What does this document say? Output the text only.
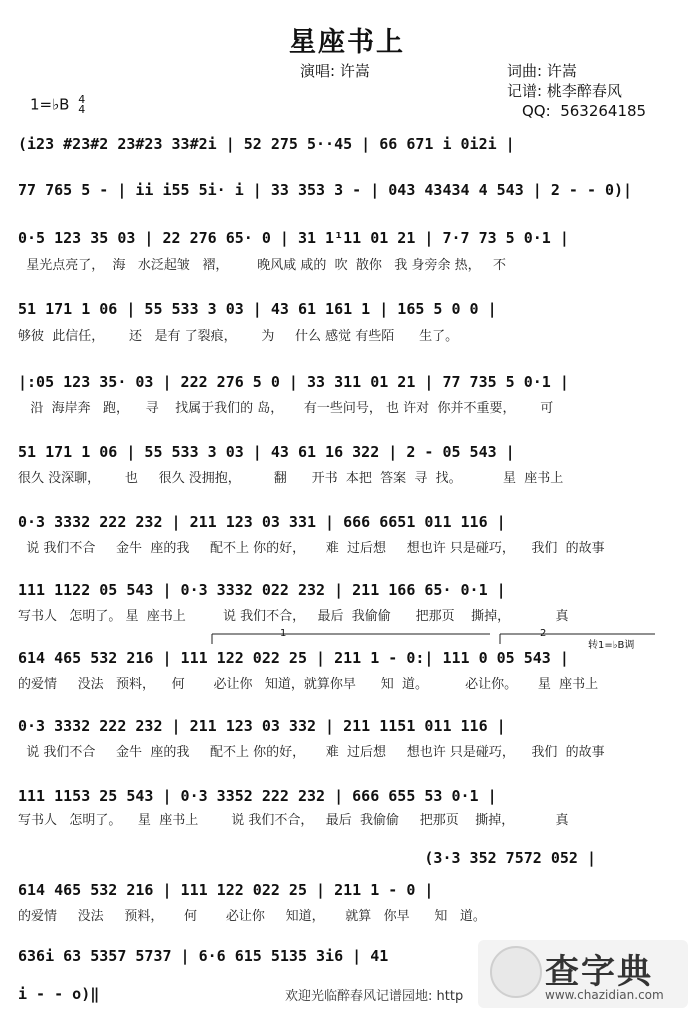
星座书上
演唱: 许嵩	词曲: 许嵩
记谱: 桃李醉春风
QQ:  563264185
1=♭B 4
4
(i23 #23#2 23#23 33#2i | 52 275 5··45 | 66 671 i 0i2i |
77 765 5 - | ii i55 5i· i | 33 353 3 - | 043 43434 4 543 | 2 - - 0)|
0·5 123 35 03 | 22 276 65· 0 | 31 1¹11 01 21 | 7·7 73 5 0·1 |
星光点亮了，  海   水泛起皱   褶，       晚风咸 咸的  吹  散你   我 身旁余 热，   不
51 171 1 06 | 55 533 3 03 | 43 61 161 1 | 165 5 0 0 |
够彼  此信任，      还   是有 了裂痕，      为     什么 感觉 有些陌      生了。
|:05 123 35· 03 | 222 276 5 0 | 33 311 01 21 | 77 735 5 0·1 |
沿  海岸奔   跑，    寻    找属于我们的 岛，     有一些问号， 也 许对  你并不重要，      可
51 171 1 06 | 55 533 3 03 | 43 61 16 322 | 2 - 05 543 |
很久 没深聊，      也     很久 没拥抱，        翻      开书  本把  答案  寻  找。          星  座书上
0·3 3332 222 232 | 211 123 03 331 | 666 6651 011 116 |
说 我们不合     金牛  座的我     配不上 你的好，     难  过后想     想也许 只是碰巧，    我们  的故事
111 1122 05 543 | 0·3 3332 022 232 | 211 166 65· 0·1 |
写书人   怎明了。 星  座书上         说 我们不合，   最后  我偷偷      把那页    撕掉，           真
1	2
转1=♭B调
614 465 532 216 | 111 122 022 25 | 211 1 - 0:| 111 0 05 543 |
的爱情     没法   预料，    何       必让你   知道，就算你早      知  道。         必让你。     星  座书上
0·3 3332 222 232 | 211 123 03 332 | 211 1151 011 116 |
说 我们不合     金牛  座的我     配不上 你的好，     难  过后想     想也许 只是碰巧，    我们  的故事
111 1153 25 543 | 0·3 3352 222 232 | 666 655 53 0·1 |
写书人   怎明了。    星  座书上        说 我们不合，   最后  我偷偷     把那页    撕掉，          真
(3·3 352 7572 052 |
614 465 532 216 | 111 122 022 25 | 211 1 - 0 |
的爱情     没法     预料，     何       必让你     知道，     就算   你早      知   道。
636i 63 5357 5737 | 6·6 615 5135 3i6 | 41
i - - o)‖	欢迎光临醉春风记谱园地: http
查字典
www.chazidian.com
